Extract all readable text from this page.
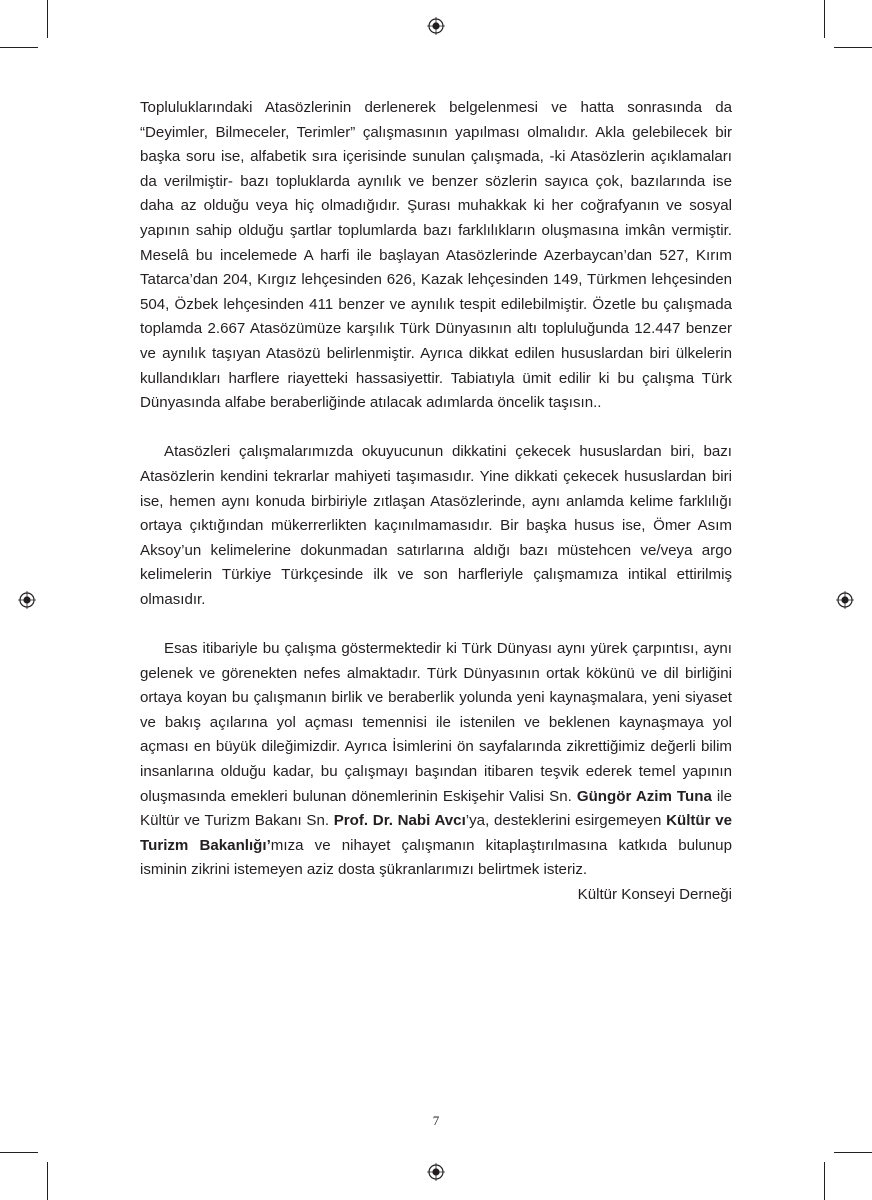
Topluluklarındaki Atasözlerinin derlenerek belgelenmesi ve hatta sonrasında da “Deyimler, Bilmeceler, Terimler” çalışmasının yapılması olmalıdır. Akla gelebilecek bir başka soru ise, alfabetik sıra içerisinde sunulan çalışmada, -ki Atasözlerin açıklamaları da verilmiştir- bazı topluklarda aynılık ve benzer sözlerin sayıca çok, bazılarında ise daha az olduğu veya hiç olmadığıdır. Şurası muhakkak ki her coğrafyanın ve sosyal yapının sahip olduğu şartlar toplumlarda bazı farklılıkların oluşmasına imkân vermiştir. Meselâ bu incelemede A harfi ile başlayan Atasözlerinde Azerbaycan’dan 527, Kırım Tatarca’dan 204, Kırgız lehçesinden 626, Kazak lehçesinden 149, Türkmen lehçesinden 504, Özbek lehçesinden 411 benzer ve aynılık tespit edilebilmiştir. Özetle bu çalışmada toplamda 2.667 Atasözümüze karşılık Türk Dünyasının altı topluluğunda 12.447 benzer ve aynılık taşıyan Atasözü belirlenmiştir. Ayrıca dikkat edilen hususlardan biri ülkelerin kullandıkları harflere riayetteki hassasiyettir. Tabiatıyla ümit edilir ki bu çalışma Türk Dünyasında alfabe beraberliğinde atılacak adımlarda öncelik taşısın..

Atasözleri çalışmalarımızda okuyucunun dikkatini çekecek hususlardan biri, bazı Atasözlerin kendini tekrarlar mahiyeti taşımasıdır. Yine dikkati çekecek hususlardan biri ise, hemen aynı konuda birbiriyle zıtlaşan Atasözlerinde, aynı anlamda kelime farklılığı ortaya çıktığından mükerrerlikten kaçınılmamasıdır. Bir başka husus ise, Ömer Asım Aksoy’un kelimelerine dokunmadan satırlarına aldığı bazı müstehcen ve/veya argo kelimelerin Türkiye Türkçesinde ilk ve son harfleriyle çalışmamıza intikal ettirilmiş olmasıdır.

Esas itibariyle bu çalışma göstermektedir ki Türk Dünyası aynı yürek çarpıntısı, aynı gelenek ve görenekten nefes almaktadır. Türk Dünyasının ortak kökünü ve dil birliğini ortaya koyan bu çalışmanın birlik ve beraberlik yolunda yeni kaynaşmalara, yeni siyaset ve bakış açılarına yol açması temennisi ile istenilen ve beklenen kaynaşmaya yol açması en büyük dileğimizdir. Ayrıca İsimlerini ön sayfalarında zikrettiğimiz değerli bilim insanlarına olduğu kadar, bu çalışmayı başından itibaren teşvik ederek temel yapının oluşmasında emekleri bulunan dönemlerinin Eskişehir Valisi Sn. Güngör Azim Tuna ile Kültür ve Turizm Bakanı Sn. Prof. Dr. Nabi Avcı’ya, desteklerini esirgemeyen Kültür ve Turizm Bakanlığı’mıza ve nihayet çalışmanın kitaplaştırılmasına katkıda bulunup isminin zikrini istemeyen aziz dosta şükranlarımızı belirtmek isteriz.

Kültür Konseyi Derneği

7
